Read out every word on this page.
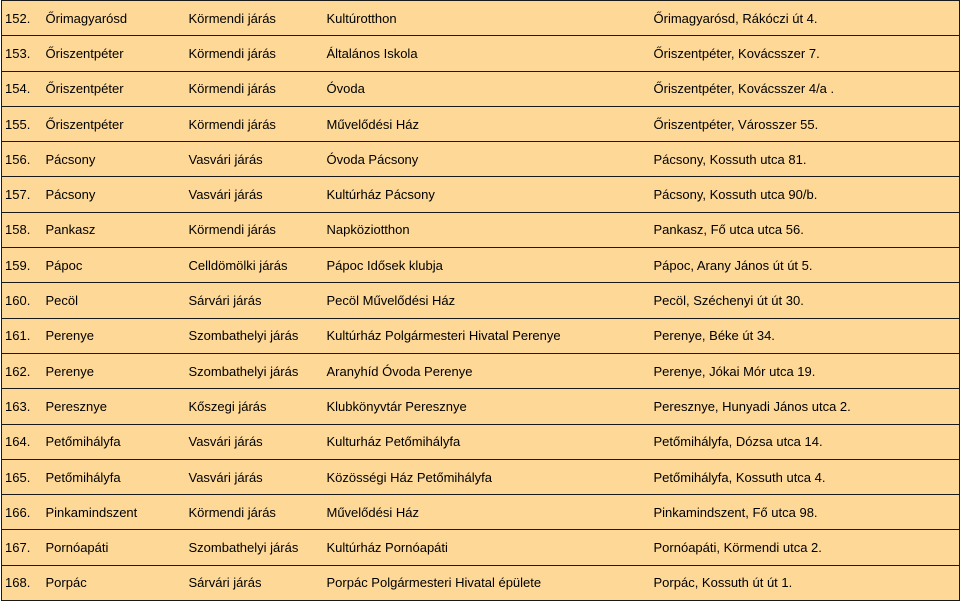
152.	Őrimagyarósd	Körmendi járás	Kultúrotthon	Őrimagyarósd, Rákóczi út 4.
153.	Őriszentpéter	Körmendi járás	Általános Iskola	Őriszentpéter, Kovácsszer 7.
154.	Őriszentpéter	Körmendi járás	Óvoda	Őriszentpéter, Kovácsszer 4/a .
155.	Őriszentpéter	Körmendi járás	Művelődési Ház	Őriszentpéter, Városszer 55.
156.	Pácsony	Vasvári járás	Óvoda Pácsony	Pácsony, Kossuth utca 81.
157.	Pácsony	Vasvári járás	Kultúrház Pácsony	Pácsony, Kossuth utca 90/b.
158.	Pankasz	Körmendi járás	Napköziotthon	Pankasz, Fő utca utca 56.
159.	Pápoc	Celldömölki járás	Pápoc Idősek klubja	Pápoc, Arany János út út 5.
160.	Pecöl	Sárvári járás	Pecöl Művelődési Ház	Pecöl, Széchenyi út út 30.
161.	Perenye	Szombathelyi járás	Kultúrház Polgármesteri Hivatal Perenye	Perenye, Béke út 34.
162.	Perenye	Szombathelyi járás	Aranyhíd Óvoda Perenye	Perenye, Jókai Mór utca 19.
163.	Peresznye	Kőszegi járás	Klubkönyvtár Peresznye	Peresznye, Hunyadi János utca 2.
164.	Petőmihályfa	Vasvári járás	Kulturház Petőmihályfa	Petőmihályfa, Dózsa utca 14.
165.	Petőmihályfa	Vasvári járás	Közösségi Ház Petőmihályfa	Petőmihályfa, Kossuth utca 4.
166.	Pinkamindszent	Körmendi járás	Művelődési Ház	Pinkamindszent, Fő utca 98.
167.	Pornóapáti	Szombathelyi járás	Kultúrház Pornóapáti	Pornóapáti, Körmendi utca 2.
168.	Porpác	Sárvári járás	Porpác Polgármesteri Hivatal épülete	Porpác, Kossuth út út 1.
